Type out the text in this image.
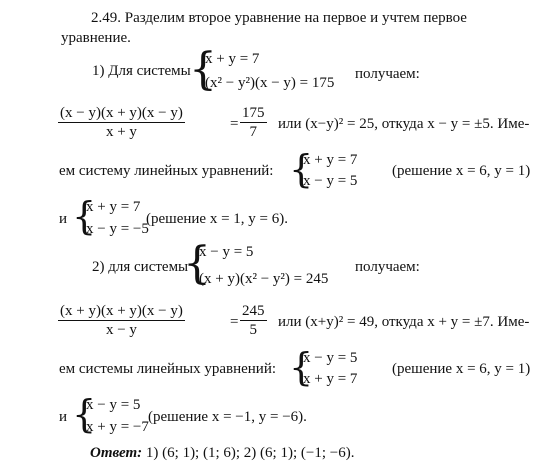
2.49. Разделим второе уравнение на первое и учтем первое
уравнение.
1) Для системы
{
x + y = 7
(x² − y²)(x − y) = 175
получаем:
(x − y)(x + y)(x − y)
x + y	=
175
7	или (x−y)² = 25, откуда x − y = ±5. Име-
ем систему линейных уравнений: {
x + y = 7
x − y = 5
(решение x = 6, y = 1)
и {
x + y = 7
x − y = −5
(решение x = 1, y = 6).
2) для системы
{
x − y = 5
(x + y)(x² − y²) = 245
получаем:
(x + y)(x + y)(x − y)
x − y	=
245
5	или (x+y)² = 49, откуда x + y = ±7. Име-
ем системы линейных уравнений: {
x − y = 5
x + y = 7
(решение x = 6, y = 1)
и {
x − y = 5
x + y = −7
(решение x = −1, y = −6).
Ответ: 1) (6; 1); (1; 6); 2) (6; 1); (−1; −6).
